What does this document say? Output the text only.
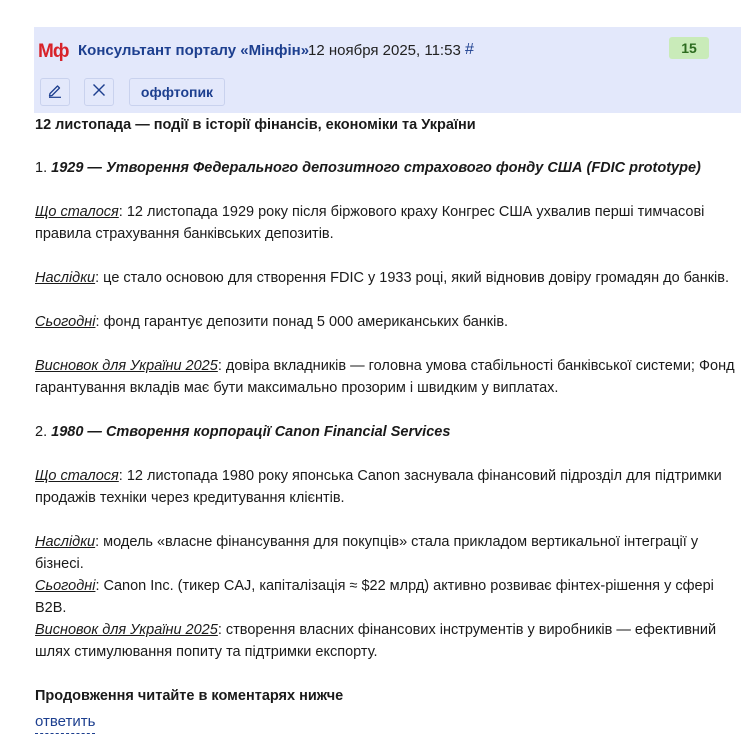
Мф Консультант порталу «Мінфін»
12 ноября 2025, 11:53 #	15
оффтопик
12 листопада — події в історії фінансів, економіки та України
1. 1929 — Утворення Федерального депозитного страхового фонду США (FDIC prototype)
Що сталося: 12 листопада 1929 року після біржового краху Конгрес США ухвалив перші тимчасові правила страхування банківських депозитів.
Наслідки: це стало основою для створення FDIC у 1933 році, який відновив довіру громадян до банків.
Сьогодні: фонд гарантує депозити понад 5 000 американських банків.
Висновок для України 2025: довіра вкладників — головна умова стабільності банківської системи; Фонд гарантування вкладів має бути максимально прозорим і швидким у виплатах.
2. 1980 — Створення корпорації Canon Financial Services
Що сталося: 12 листопада 1980 року японська Canon заснувала фінансовий підрозділ для підтримки продажів техніки через кредитування клієнтів.
Наслідки: модель «власне фінансування для покупців» стала прикладом вертикальної інтеграції у бізнесі.
Сьогодні: Canon Inc. (тикер CAJ, капіталізація ≈ $22 млрд) активно розвиває фінтех-рішення у сфері B2B.
Висновок для України 2025: створення власних фінансових інструментів у виробників — ефективний шлях стимулювання попиту та підтримки експорту.
Продовження читайте в коментарях нижче
ответить
